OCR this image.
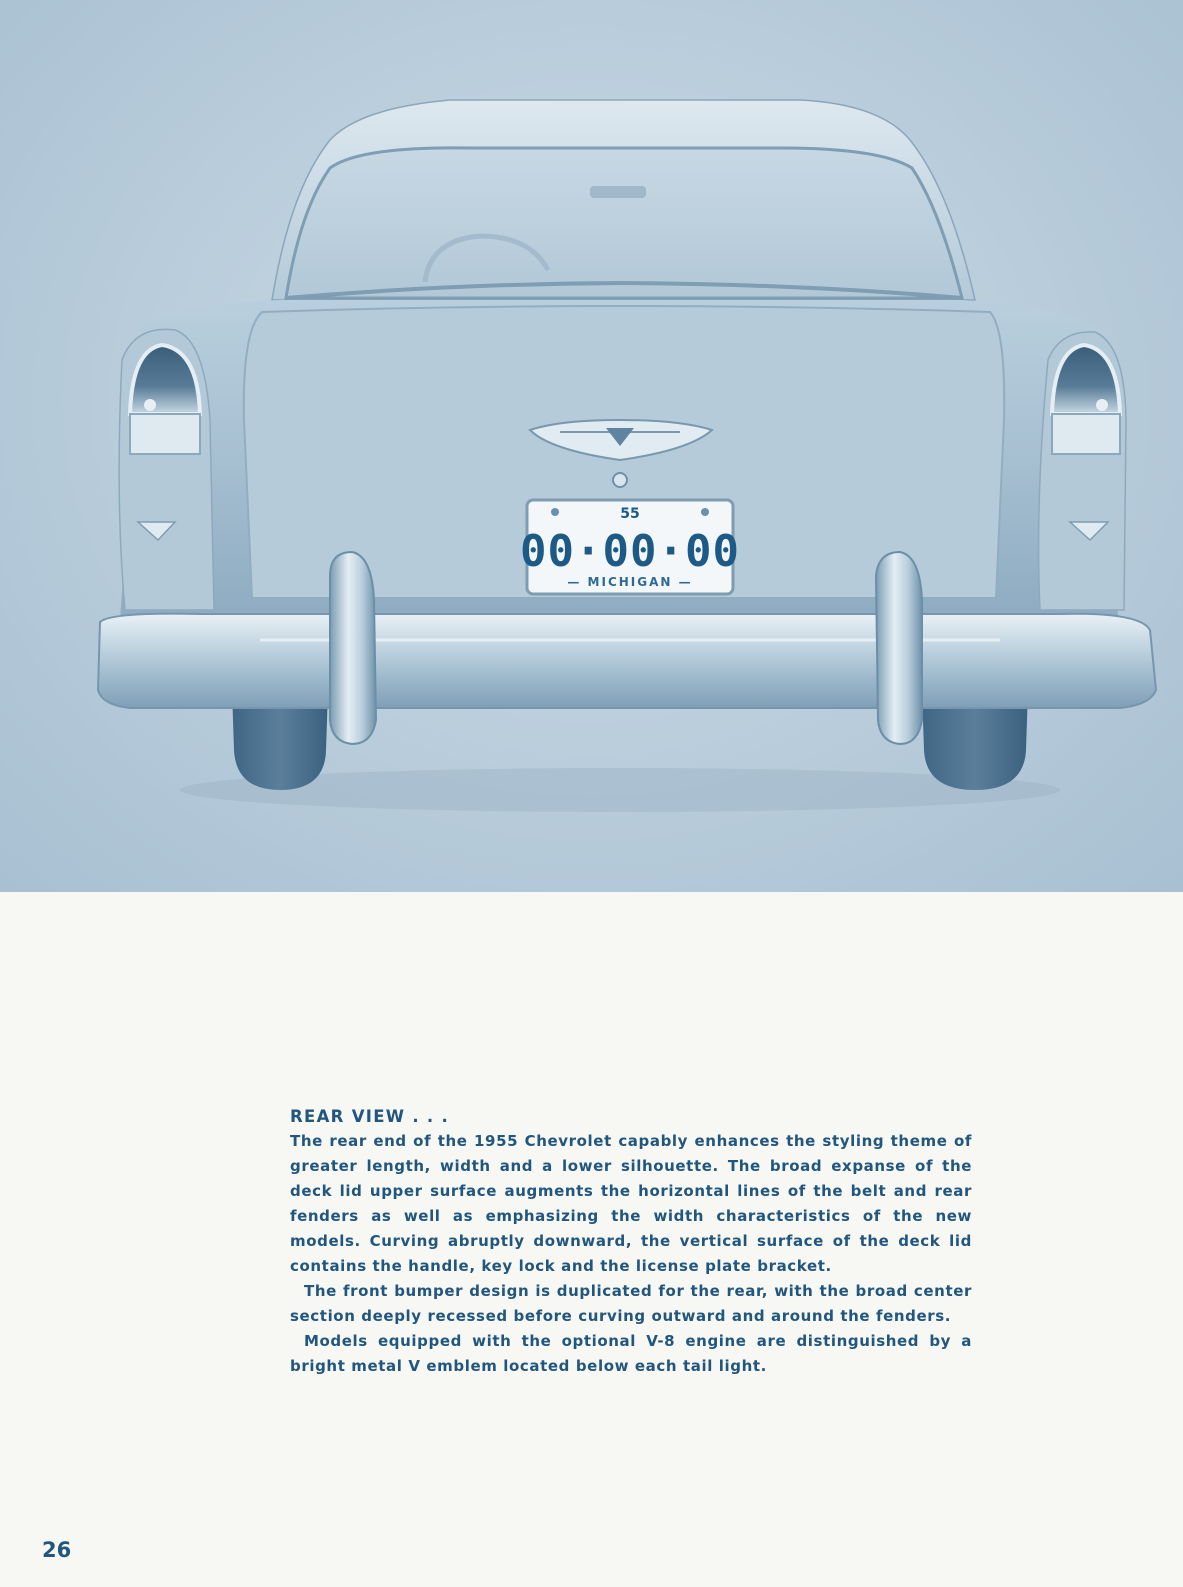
55
00·00·00
— MICHIGAN —
REAR VIEW . . .

The rear end of the 1955 Chevrolet capably enhances the styling theme of greater length, width and a lower silhouette. The broad expanse of the deck lid upper surface augments the horizontal lines of the belt and rear fenders as well as emphasizing the width characteristics of the new models. Curving abruptly downward, the vertical surface of the deck lid contains the handle, key lock and the license plate bracket.

The front bumper design is duplicated for the rear, with the broad center section deeply recessed before curving outward and around the fenders.

Models equipped with the optional V-8 engine are distinguished by a bright metal V emblem located below each tail light.

26
